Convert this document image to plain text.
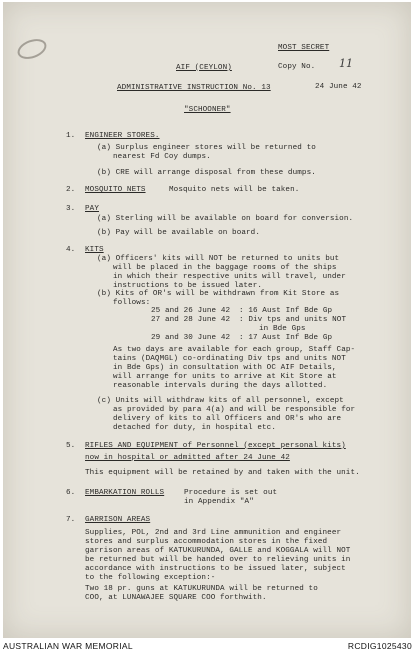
MOST SECRET
Copy No. 11
AIF (CEYLON)
ADMINISTRATIVE INSTRUCTION No. 13	24 June 42
"SCHOONER"
1. ENGINEER STORES.
(a) Surplus engineer stores will be returned to
nearest Fd Coy dumps.
(b) CRE will arrange disposal from these dumps.
2. MOSQUITO NETS	Mosquito nets will be taken.
3. PAY
(a) Sterling will be available on board for conversion.
(b) Pay will be available on board.
4. KITS
(a) Officers' kits will NOT be returned to units but
will be placed in the baggage rooms of the ships
in which their respective units will travel, under
instructions to be issued later.
(b) Kits of OR's will be withdrawn from Kit Store as
follows:
25 and 26 June 42 : 16 Aust Inf Bde Gp
27 and 28 June 42 : Div tps and units NOT
in Bde Gps
29 and 30 June 42 : 17 Aust Inf Bde Gp
As two days are available for each group, Staff Cap-
tains (DAQMGL) co-ordinating Div tps and units NOT
in Bde Gps) in consultation with OC AIF Details,
will arrange for units to arrive at Kit Store at
reasonable intervals during the days allotted.
(c) Units will withdraw kits of all personnel, except
as provided by para 4(a) and will be responsible for
delivery of kits to all Officers and OR's who are
detached for duty, in hospital etc.
5. RIFLES AND EQUIPMENT of Personnel (except personal kits)
now in hospital or admitted after 24 June 42
This equipment will be retained by and taken with the unit.
6. EMBARKATION ROLLS	Procedure is set out
in Appendix "A"
7. GARRISON AREAS
Supplies, POL, 2nd and 3rd Line ammunition and engineer
stores and surplus accommodation stores in the fixed
garrison areas of KATUKURUNDA, GALLE and KOGGALA will NOT
be returned but will be handed over to relieving units in
accordance with instructions to be issued later, subject
to the following exception:-
Two 18 pr. guns at KATUKURUNDA will be returned to
COO, at LUNAWAJEE SQUARE COO forthwith.
AUSTRALIAN WAR MEMORIAL	RCDIG1025430
